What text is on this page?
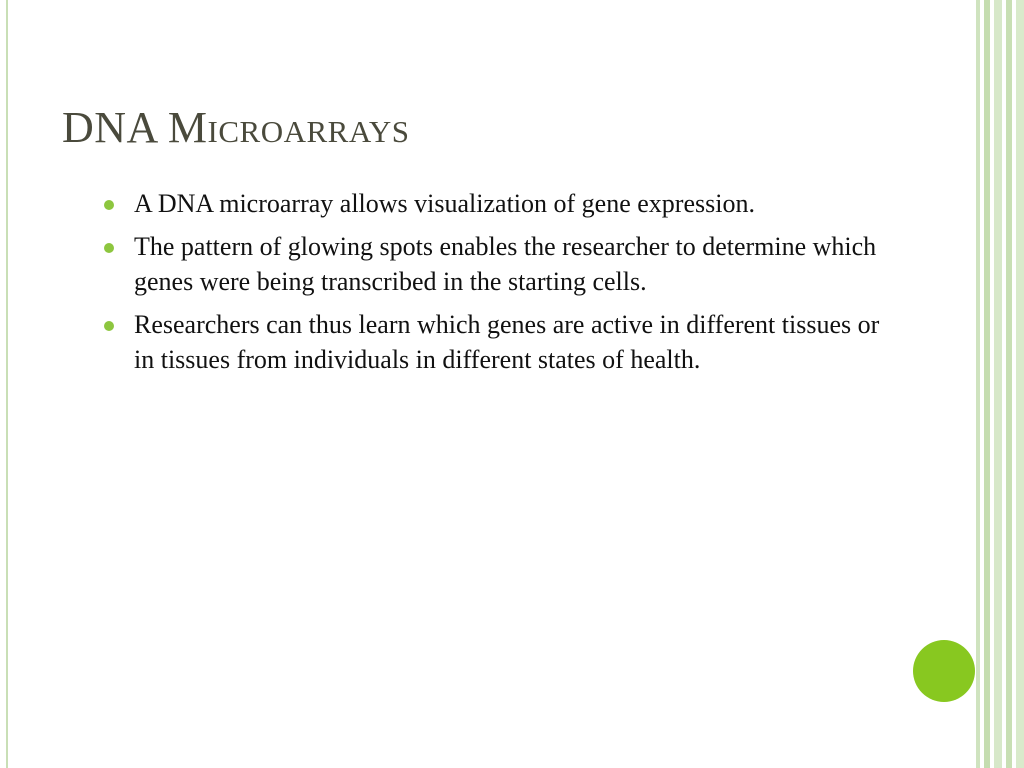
DNA Microarrays
A DNA microarray allows visualization of gene expression.
The pattern of glowing spots enables the researcher to determine which genes were being transcribed in the starting cells.
Researchers can thus learn which genes are active in different tissues or in tissues from individuals in different states of health.
